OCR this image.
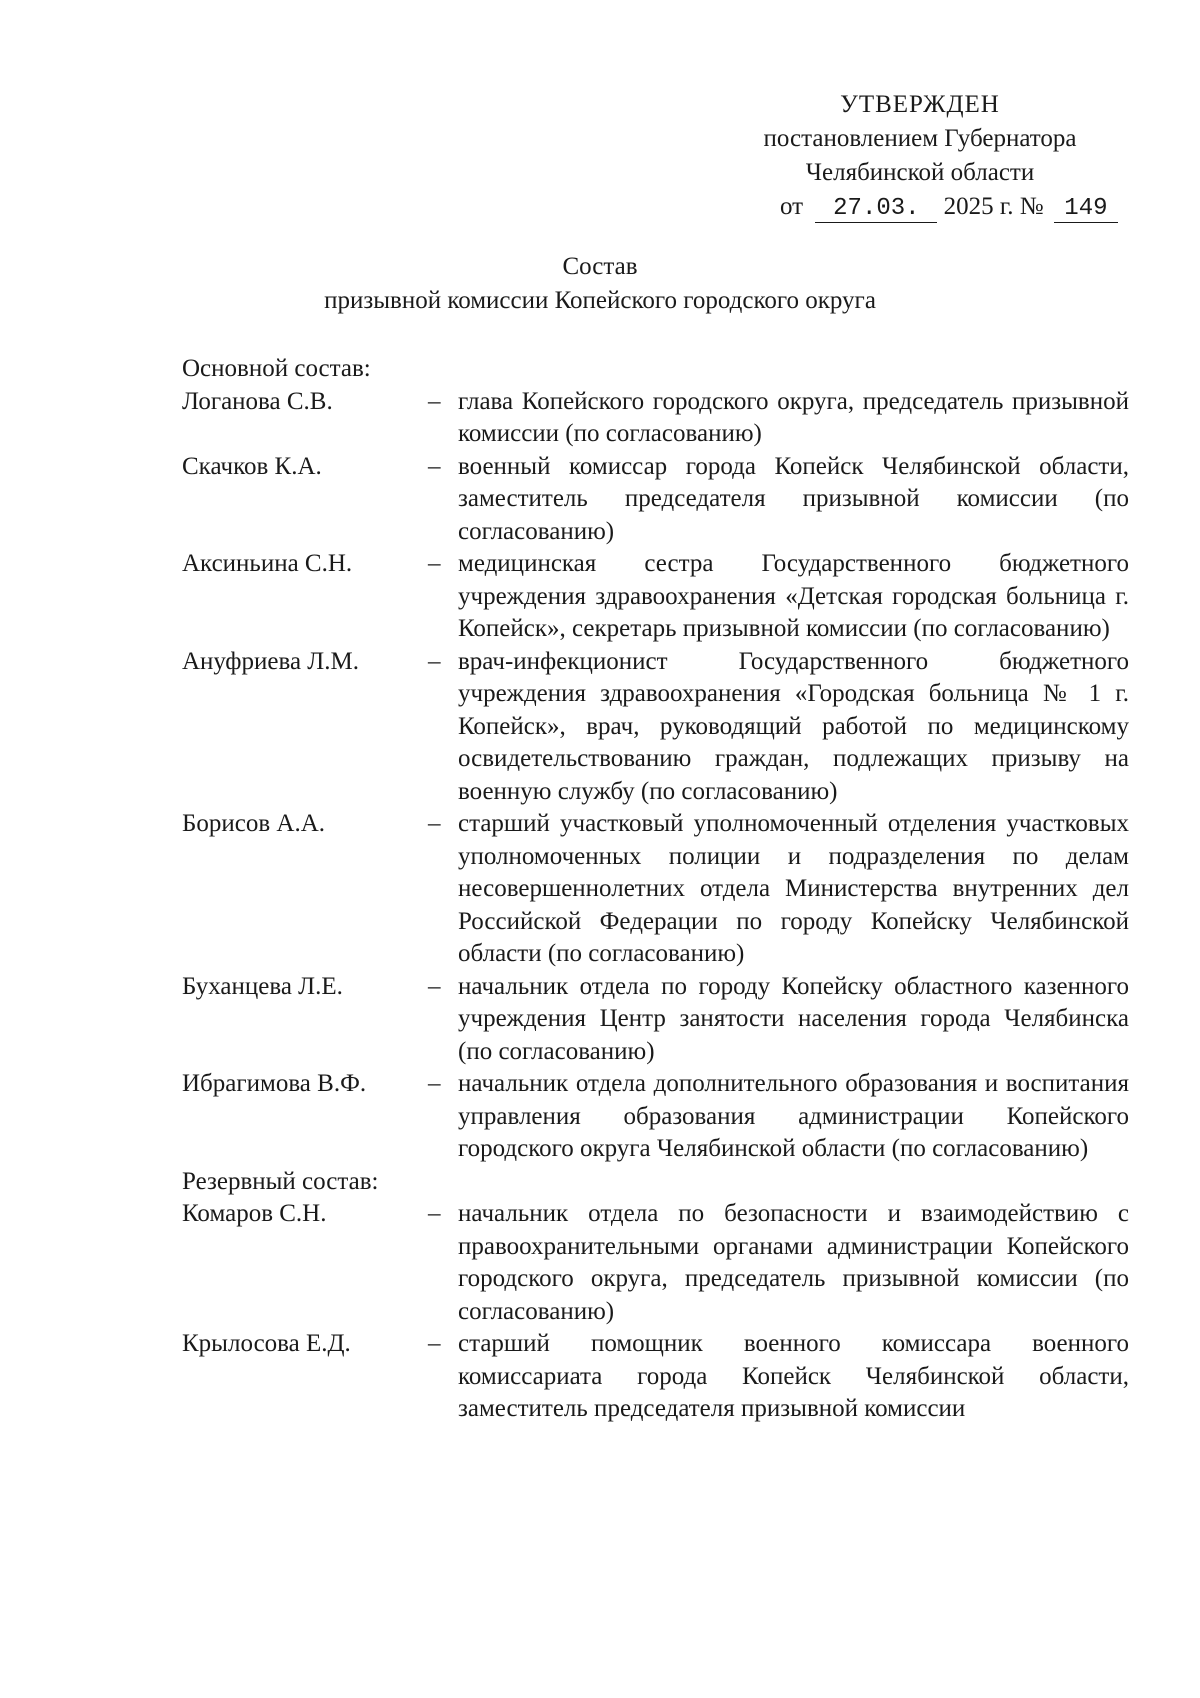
УТВЕРЖДЕН
постановлением Губернатора
Челябинской области
от 27.03. 2025 г. № 149
Состав
призывной комиссии Копейского городского округа
Основной состав:
Логанова С.В.	– глава Копейского городского округа, председатель призывной комиссии (по согласованию)
Скачков К.А.	– военный комиссар города Копейск Челябинской области, заместитель председателя призывной комиссии (по согласованию)
Аксиньина С.Н.	– медицинская сестра Государственного бюджетного учреждения здравоохранения «Детская городская больница г. Копейск», секретарь призывной комиссии (по согласованию)
Ануфриева Л.М.	– врач-инфекционист Государственного бюджетного учреждения здравоохранения «Городская больница № 1 г. Копейск», врач, руководящий работой по медицинскому освидетельствованию граждан, подлежащих призыву на военную службу (по согласованию)
Борисов А.А.	– старший участковый уполномоченный отделения участковых уполномоченных полиции и подразделения по делам несовершеннолетних отдела Министерства внутренних дел Российской Федерации по городу Копейску Челябинской области (по согласованию)
Буханцева Л.Е.	– начальник отдела по городу Копейску областного казенного учреждения Центр занятости населения города Челябинска (по согласованию)
Ибрагимова В.Ф.	– начальник отдела дополнительного образования и воспитания управления образования администрации Копейского городского округа Челябинской области (по согласованию)
Резервный состав:
Комаров С.Н.	– начальник отдела по безопасности и взаимодействию с правоохранительными органами администрации Копейского городского округа, председатель призывной комиссии (по согласованию)
Крылосова Е.Д.	– старший помощник военного комиссара военного комиссариата города Копейск Челябинской области, заместитель председателя призывной комиссии
